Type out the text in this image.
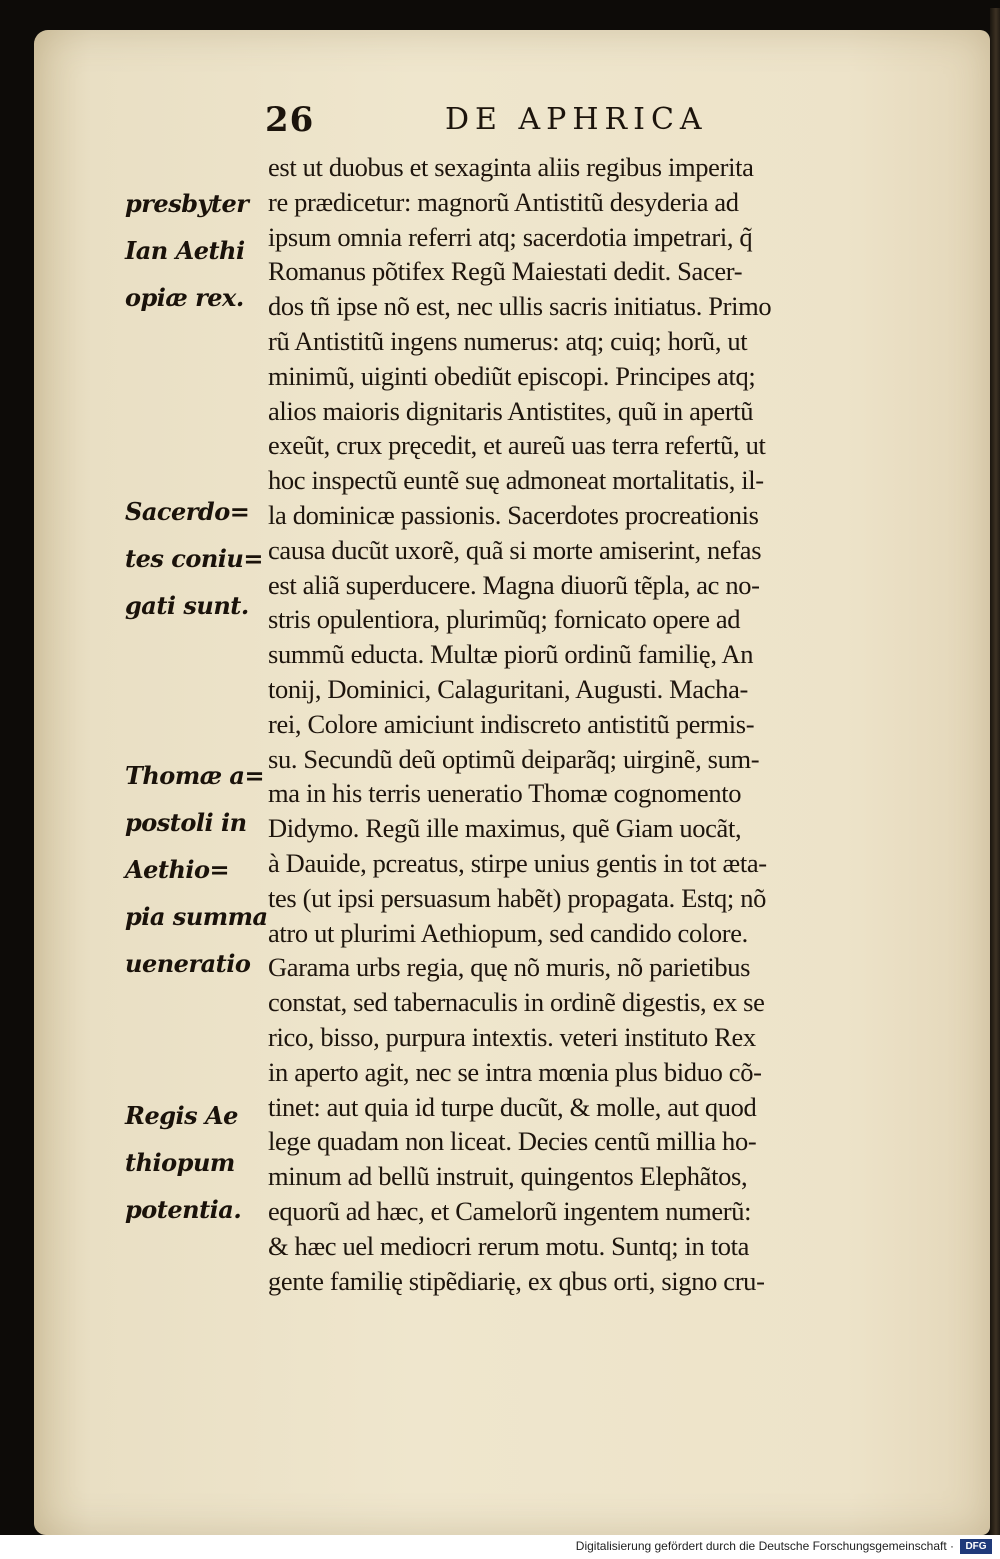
26	DE APHRICA
est ut duobus et sexaginta aliis regibus imperita
re prædicetur: magnorũ Antistitũ desyderia ad
ipsum omnia referri atq; sacerdotia impetrari, q̃
Romanus põtifex Regũ Maiestati dedit. Sacer-
dos tñ ipse nõ est, nec ullis sacris initiatus. Primo
rũ Antistitũ ingens numerus: atq; cuiq; horũ, ut
minimũ, uiginti obediũt episcopi. Principes atq;
alios maioris dignitaris Antistites, quũ in apertũ
exeũt, crux pręcedit, et aureũ uas terra refertũ, ut
hoc inspectũ euntẽ suę admoneat mortalitatis, il-
la dominicæ passionis. Sacerdotes procreationis
causa ducũt uxorẽ, quã si morte amiserint, nefas
est aliã superducere. Magna diuorũ tẽpla, ac no-
stris opulentiora, plurimũq; fornicato opere ad
summũ educta. Multæ piorũ ordinũ familię, An
tonij, Dominici, Calaguritani, Augusti. Macha-
rei, Colore amiciunt indiscreto antistitũ permis-
su. Secundũ deũ optimũ deiparãq; uirginẽ, sum-
ma in his terris ueneratio Thomæ cognomento
Didymo. Regũ ille maximus, quẽ Giam uocãt,
à Dauide, pcreatus, stirpe unius gentis in tot æta-
tes (ut ipsi persuasum habẽt) propagata. Estq; nõ
atro ut plurimi Aethiopum, sed candido colore.
Garama urbs regia, quę nõ muris, nõ parietibus
constat, sed tabernaculis in ordinẽ digestis, ex se
rico, bisso, purpura intextis. veteri instituto Rex
in aperto agit, nec se intra mœnia plus biduo cõ-
tinet: aut quia id turpe ducũt, & molle, aut quod
lege quadam non liceat. Decies centũ millia ho-
minum ad bellũ instruit, quingentos Elephãtos,
equorũ ad hæc, et Camelorũ ingentem numerũ:
& hæc uel mediocri rerum motu. Suntq; in tota
gente familię stipẽdiarię, ex qbus orti, signo cru-
presbyter
Ian Aethi
opiæ rex.
Sacerdo=
tes coniu=
gati sunt.
Thomæ a=
postoli in
Aethio=
pia summa
ueneratio
Regis Ae
thiopum
potentia.
Digitalisierung gefördert durch die Deutsche Forschungsgemeinschaft ·	DFG
